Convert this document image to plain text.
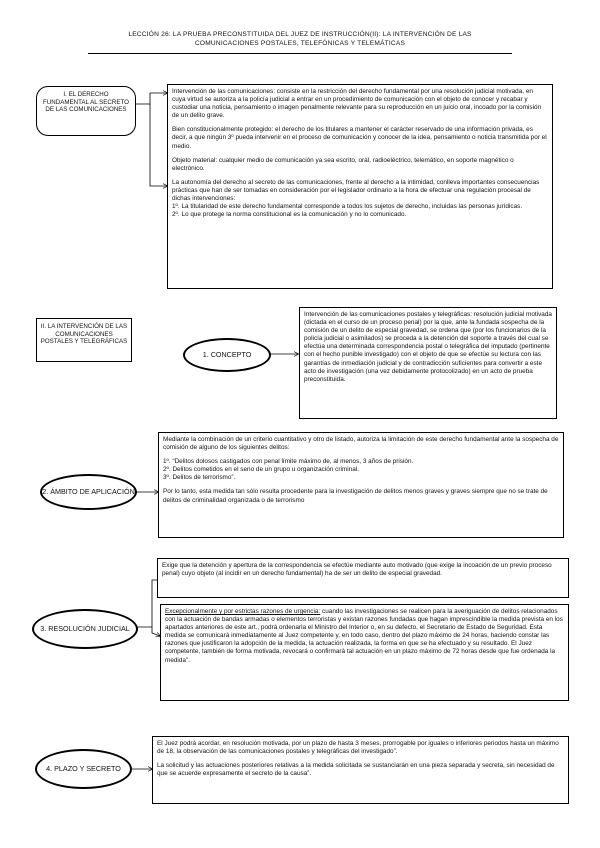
LECCIÓN 26: LA PRUEBA PRECONSTITUIDA DEL JUEZ DE INSTRUCCIÓN(II): LA INTERVENCIÓN DE LAS
COMUNICACIONES POSTALES, TELEFÓNICAS Y TELEMÁTICAS
I. EL DERECHO FUNDAMENTAL AL SECRETO DE LAS COMUNICACIONES

Intervención de las comunicaciones: consiste en la restricción del derecho fundamental por una resolución judicial motivada, en cuya virtud se autoriza a la policía judicial a entrar en un procedimiento de comunicación con el objeto de conocer y recabar y custodiar una noticia, pensamiento o imagen penalmente relevante para su reproducción en un juicio oral, incoado por la comisión de un delito grave.

Bien constitucionalmente protegido: el derecho de los titulares a mantener el carácter reservado de una información privada, es decir, a que ningún 3º pueda intervenir en el proceso de comunicación y conocer de la idea, pensamiento o noticia transmitida por el medio.

Objeto material: cualquier medio de comunicación ya sea escrito, oral, radioeléctrico, telemático, en soporte magnético o electrónico.

La autonomía del derecho al secreto de las comunicaciones, frente al derecho a la intimidad, conlleva importantes consecuencias prácticas que han de ser tomadas en consideración por el legislador ordinario a la hora de efectuar una regulación procesal de dichas intervenciones:

1º. La titularidad de este derecho fundamental corresponde a todos los sujetos de derecho, incluidas las personas jurídicas.

2º. Lo que protege la norma constitucional es la comunicación y no lo comunicado.

II. LA INTERVENCIÓN DE LAS COMUNICACIONES POSTALES Y TELEGRÁFICAS
1. CONCEPTO

Intervención de las comunicaciones postales y telegráficas: resolución judicial motivada (dictada en el curso de un proceso penal) por la que, ante la fundada sospecha de la comisión de un delito de especial gravedad, se ordena que (por los funcionarios de la policía judicial o asimilados) se proceda a la detención del soporte a través del cual se efectúa una determinada correspondencia postal o telegráfica del imputado (pertinente con el hecho punible investigado) con el objeto de que se efectúe su lectura con las garantías de inmediación judicial y de contradicción suficientes para convertir a este acto de investigación (una vez debidamente protocolizado) en un acto de prueba preconstituida.

2. ÁMBITO DE APLICACIÓN

Mediante la combinación de un criterio cuantitativo y otro de listado, autoriza la limitación de este derecho fundamental ante la sospecha de comisión de alguno de los siguientes delitos:

1º. “Delitos dolosos castigados con penal límite máximo de, al menos, 3 años de prisión.

2º. Delitos cometidos en el seno de un grupo u organización criminal.

3º. Delitos de terrorismo”.

Por lo tanto, esta medida tan sólo resulta procedente para la investigación de delitos menos graves y graves siempre que no se trate de delitos de criminalidad organizada o de terrorismo

3. RESOLUCIÓN JUDICIAL

Exige que la detención y apertura de la correspondencia se efectúe mediante auto motivado (que exige la incoación de un previo proceso penal) cuyo objeto (al incidir en un derecho fundamental) ha de ser un delito de especial gravedad.

Excepcionalmente y por estrictas razones de urgencia: cuando las investigaciones se realicen para la averiguación de delitos relacionados con la actuación de bandas armadas o elementos terroristas y existan razones fundadas que hagan imprescindible la medida prevista en los apartados anteriores de este art., podrá ordenarla el Ministro del Interior o, en su defecto, el Secretario de Estado de Seguridad. Esta medida se comunicará inmediatamente al Juez competente y, en todo caso, dentro del plazo máximo de 24 horas, haciendo constar las razones que justificaron la adopción de la medida, la actuación realizada, la forma en que se ha efectuado y su resultado. El Juez competente, también de forma motivada, revocará o confirmará tal actuación en un plazo máximo de 72 horas desde que fue ordenada la medida”.

4. PLAZO Y SECRETO

El Juez podrá acordar, en resolución motivada, por un plazo de hasta 3 meses, prorrogable por iguales o inferiores periodos hasta un máximo de 18, la observación de las comunicaciones postales y telegráficas del investigado”.

La solicitud y las actuaciones posteriores relativas a la medida solicitada se sustanciarán en una pieza separada y secreta, sin necesidad de que se acuerde expresamente el secreto de la causa”.
